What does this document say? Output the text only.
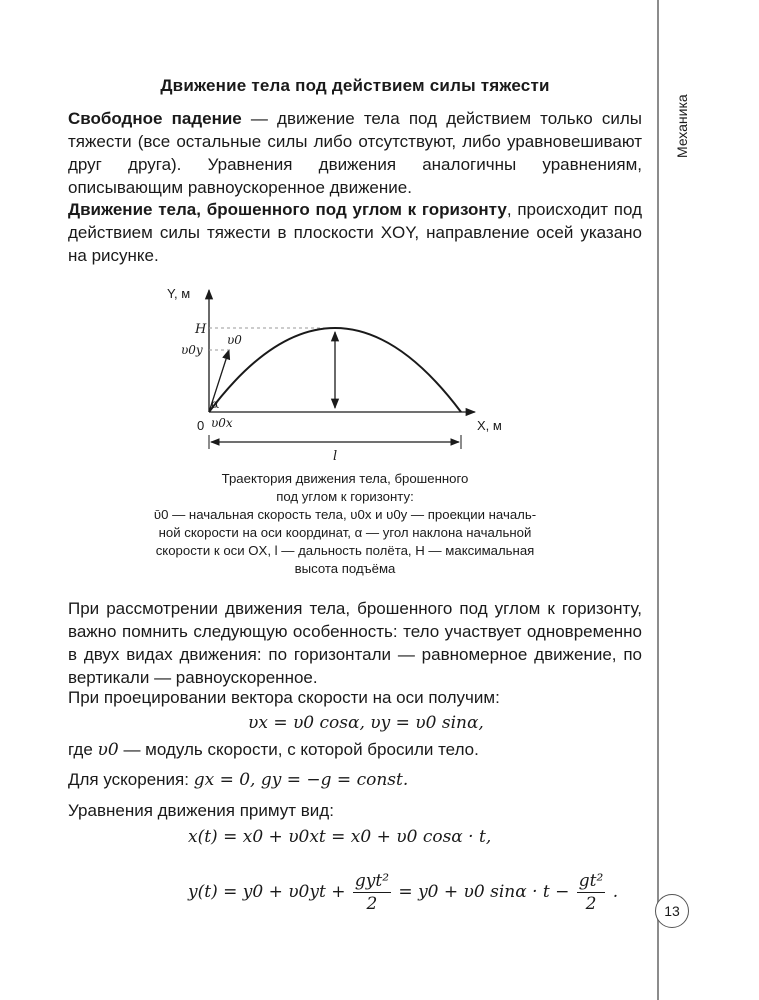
Механика
13
Движение тела под действием силы тяжести
Свободное падение — движение тела под действием только силы тяжести (все остальные силы либо отсутствуют, либо уравновешивают друг друга). Уравнения движения аналогичны уравнениям, описывающим равноускоренное движение.
Движение тела, брошенного под углом к горизонту, происходит под действием силы тяжести в плоскости XOY, направление осей указано на рисунке.
Y, м
X, м
0
H
υ0y
υ0
α
υ0x
l
Траектория движения тела, брошенного
под углом к горизонту:
ῡ0 — начальная скорость тела, υ0x и υ0y — проекции началь-
ной скорости на оси координат, α — угол наклона начальной
скорости к оси OX, l — дальность полёта, H — максимальная
высота подъёма
При рассмотрении движения тела, брошенного под углом к горизонту, важно помнить следующую особенность: тело участвует одновременно в двух видах движения: по горизонтали — равномерное движение, по вертикали — равноускоренное.
При проецировании вектора скорости на оси получим:
υx = υ0 cosα, υy = υ0 sinα,
где υ0 — модуль скорости, с которой бросили тело.
Для ускорения: gx = 0, gy = −g = const.
Уравнения движения примут вид:
x(t) = x0 + υ0xt = x0 + υ0 cosα · t,
$y(t) = y0 + \upsilon 0yt + \frac{\text{gyt²}}{2} = y0 + \upsilon 0$ $\sin\alpha \cdot t - \frac{\text{gt²}}{2}$ .
